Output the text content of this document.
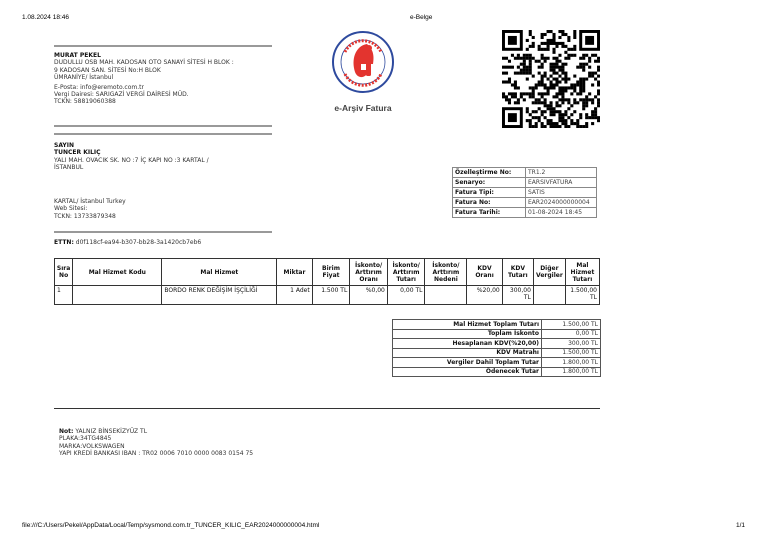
1.08.2024 18:46	e-Belge
MURAT PEKEL
DUDULLU OSB MAH. KADOSAN OTO SANAYİ SİTESİ H BLOK :
9 KADOSAN SAN. SİTESİ No:H BLOK
ÜMRANİYE/ İstanbul
E-Posta: info@eremoto.com.tr
Vergi Dairesi: SARIGAZİ VERGİ DAİRESİ MÜD.
TCKN: 58819060388
e-Arşiv Fatura
SAYIN
TUNCER KILIÇ
YALI MAH. OVACIK SK. NO :7 İÇ KAPI NO :3 KARTAL /
İSTANBUL
KARTAL/ İstanbul Turkey
Web Sitesi:
TCKN: 13733879348
ETTN: d0f118cf-ea94-b307-bb28-3a1420cb7eb6
Özelleştirme No:	TR1.2
Senaryo:	EARSIVFATURA
Fatura Tipi:	SATIS
Fatura No:	EAR2024000000004
Fatura Tarihi:	01-08-2024 18:45
Sıra No	Mal Hizmet Kodu	Mal Hizmet	Miktar	Birim Fiyat	İskonto/ Arttırım Oranı	İskonto/ Arttırım Tutarı	İskonto/ Arttırım Nedeni	KDV Oranı	KDV Tutarı	Diğer Vergiler	Mal Hizmet Tutarı
1		BORDO RENK DEĞİŞİM İŞÇİLİĞİ	1 Adet	1.500 TL	%0,00	0,00 TL		%20,00	300,00 TL		1.500,00 TL
Mal Hizmet Toplam Tutarı	1.500,00 TL
Toplam İskonto	0,00 TL
Hesaplanan KDV(%20,00)	300,00 TL
KDV Matrahı	1.500,00 TL
Vergiler Dahil Toplam Tutar	1.800,00 TL
Ödenecek Tutar	1.800,00 TL
Not: YALNIZ BİNSEKİZYÜZ TL
PLAKA:34TG4845
MARKA:VOLKSWAGEN
YAPI KREDİ BANKASI IBAN : TR02 0006 7010 0000 0083 0154 75
file:///C:/Users/Pekel/AppData/Local/Temp/sysmond.com.tr_TUNCER_KILIC_EAR2024000000004.html	1/1
